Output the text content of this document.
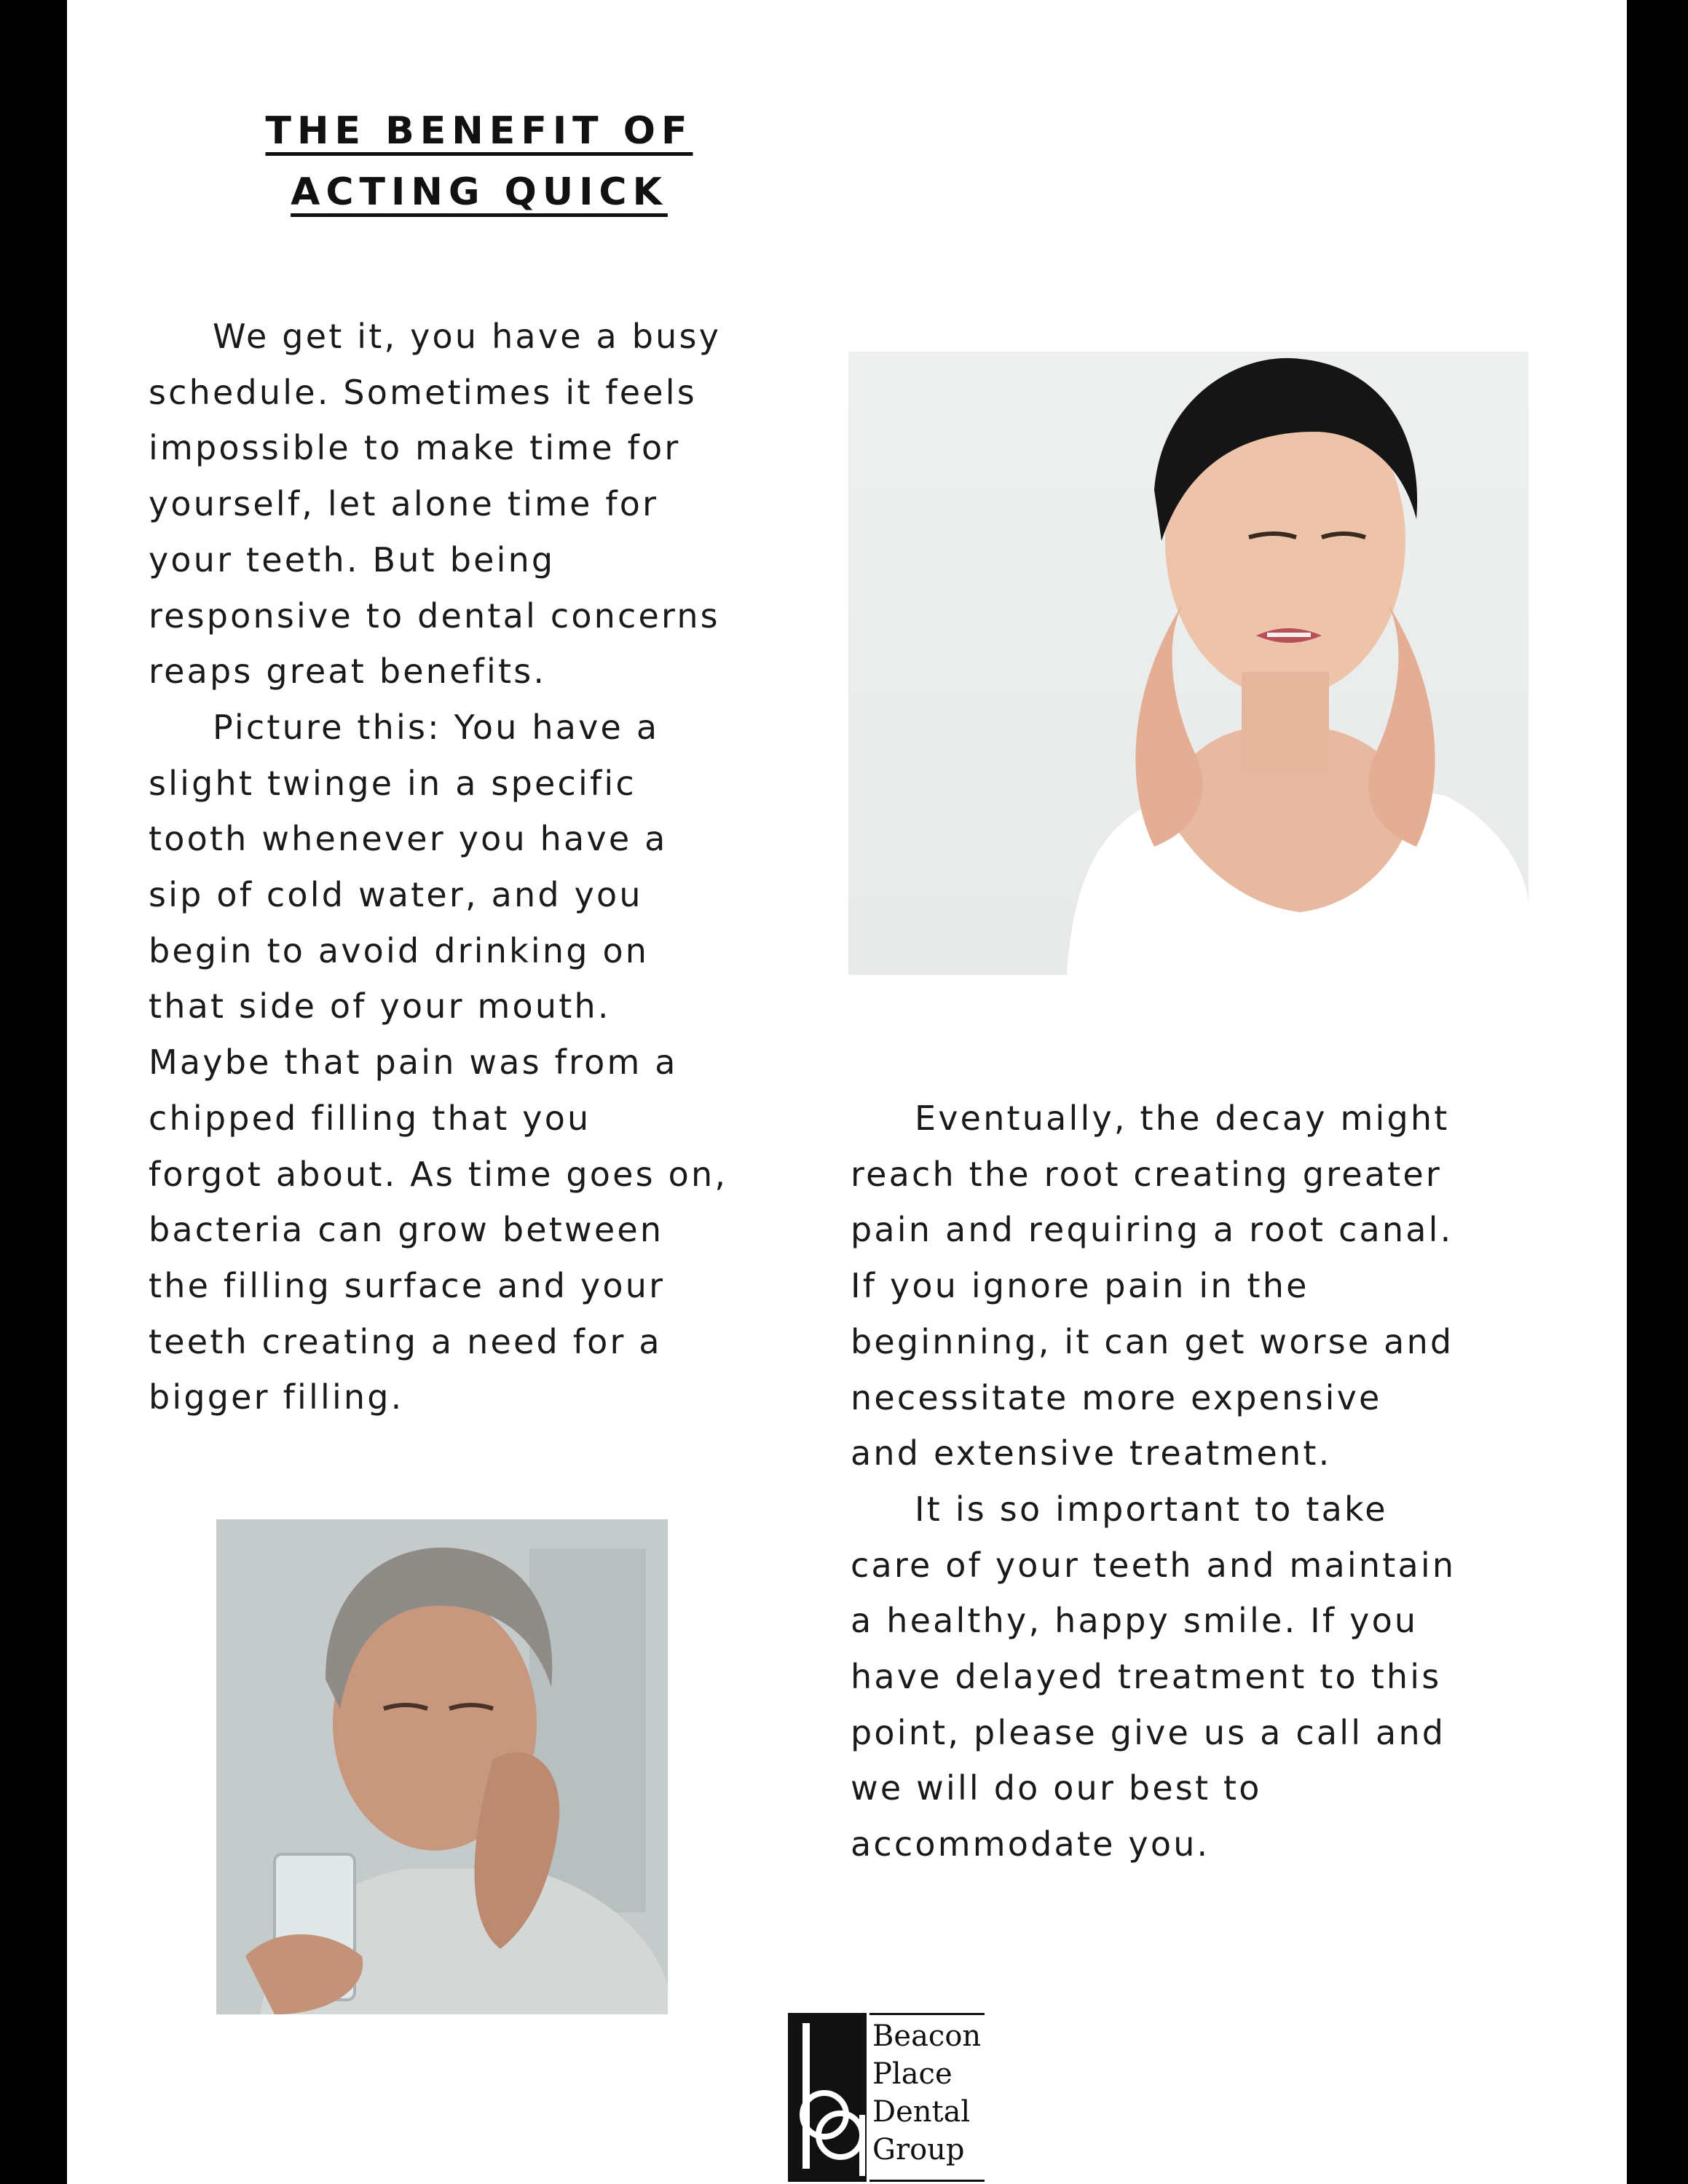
THE BENEFIT OF
ACTING QUICK

We get it, you have a busy
schedule. Sometimes it feels
impossible to make time for
yourself, let alone time for
your teeth. But being
responsive to dental concerns
reaps great benefits.

Picture this: You have a
slight twinge in a specific
tooth whenever you have a
sip of cold water, and you
begin to avoid drinking on
that side of your mouth.
Maybe that pain was from a
chipped filling that you
forgot about. As time goes on,
bacteria can grow between
the filling surface and your
teeth creating a need for a
bigger filling.

Eventually, the decay might
reach the root creating greater
pain and requiring a root canal.
If you ignore pain in the
beginning, it can get worse and
necessitate more expensive
and extensive treatment.

It is so important to take
care of your teeth and maintain
a healthy, happy smile. If you
have delayed treatment to this
point, please give us a call and
we will do our best to
accommodate you.

Beacon
Place
Dental
Group
